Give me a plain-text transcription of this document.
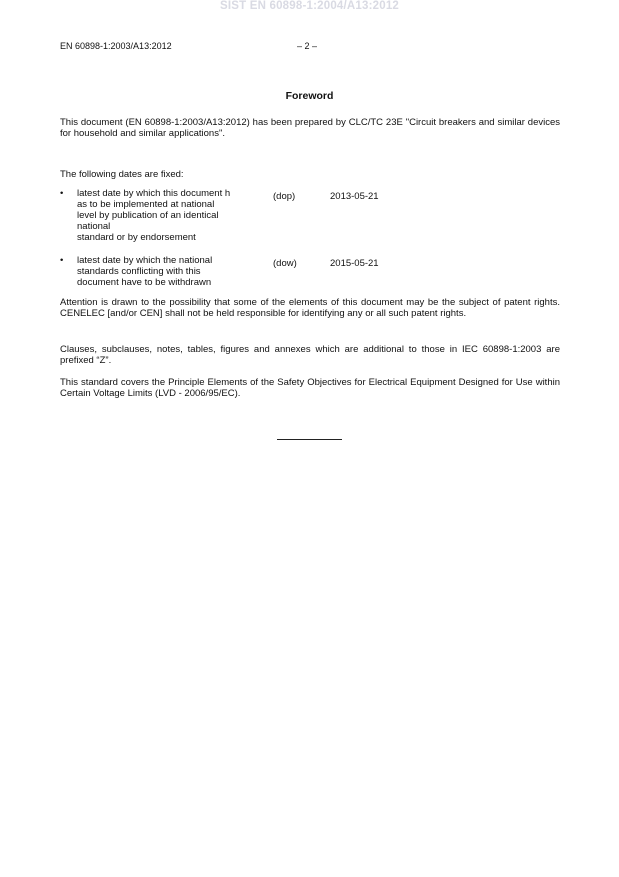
SIST EN 60898-1:2004/A13:2012
EN 60898-1:2003/A13:2012	– 2 –
Foreword
This document (EN 60898-1:2003/A13:2012) has been prepared by CLC/TC 23E "Circuit breakers and similar devices for household and similar applications".
The following dates are fixed:
• latest date by which this document h
as to be implemented at national
level by publication of an identical
national
standard or by endorsement
(dop)	2013-05-21
• latest date by which the national
standards conflicting with this
document have to be withdrawn
(dow)	2015-05-21
Attention is drawn to the possibility that some of the elements of this document may be the subject of patent rights. CENELEC [and/or CEN] shall not be held responsible for identifying any or all such patent rights.
Clauses, subclauses, notes, tables, figures and annexes which are additional to those in IEC 60898-1:2003 are prefixed “Z”.
This standard covers the Principle Elements of the Safety Objectives for Electrical Equipment Designed for Use within Certain Voltage Limits (LVD - 2006/95/EC).
